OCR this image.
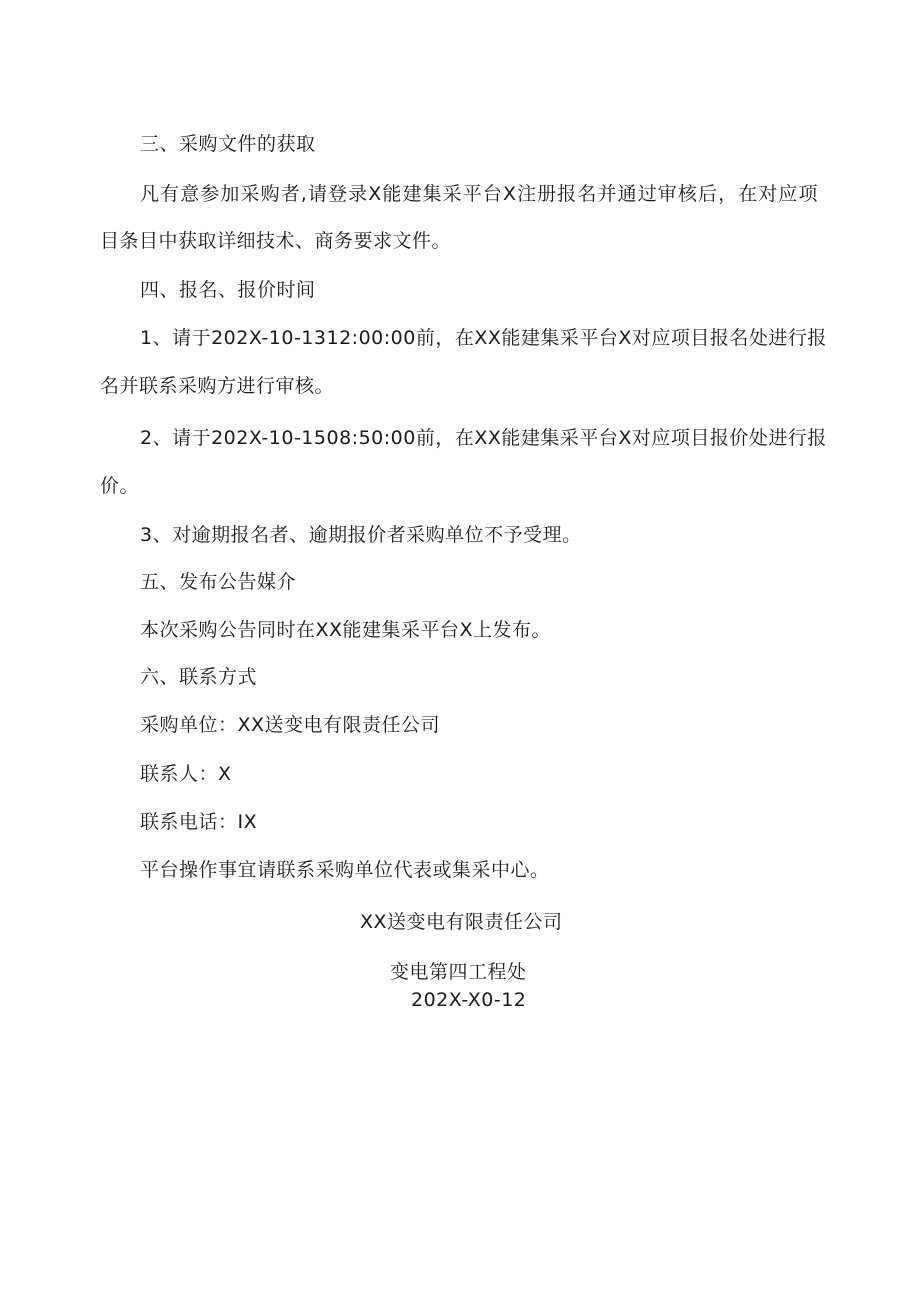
三、采购文件的获取
凡有意参加采购者,请登录X能建集采平台X注册报名并通过审核后，在对应项
目条目中获取详细技术、商务要求文件。
四、报名、报价时间
1、请于202X-10-1312:00:00前，在XX能建集采平台X对应项目报名处进行报
名并联系采购方进行审核。
2、请于202X-10-1508:50:00前，在XX能建集采平台X对应项目报价处进行报
价。
3、对逾期报名者、逾期报价者采购单位不予受理。
五、发布公告媒介
本次采购公告同时在XX能建集采平台X上发布。
六、联系方式
采购单位：XX送变电有限责任公司
联系人：X
联系电话：IX
平台操作事宜请联系采购单位代表或集采中心。
XX送变电有限责任公司
变电第四工程处
202X-X0-12
